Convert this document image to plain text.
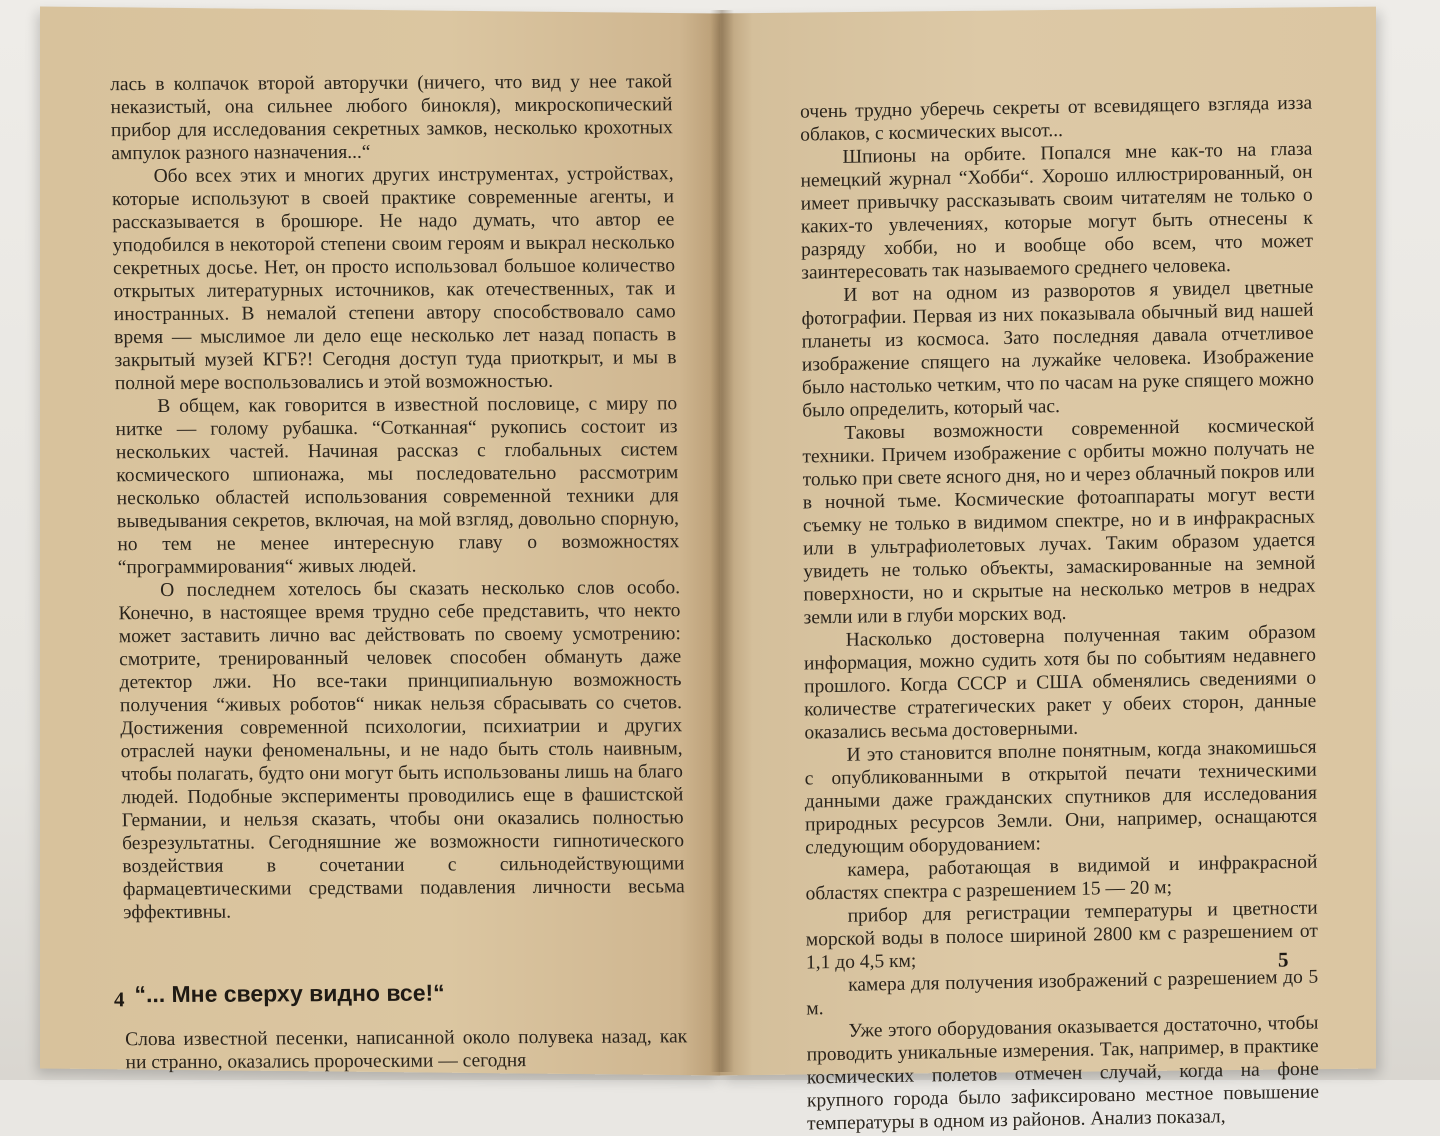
лась в колпачок второй авторучки (ничего, что вид у нее такой неказистый, она сильнее любого бинокля), микроскопический прибор для исследования секретных замков, несколько крохотных ампулок разного назначения...“

Обо всех этих и многих других инструментах, устройствах, которые используют в своей практике современные агенты, и рассказывается в брошюре. Не надо думать, что автор ее уподобился в некоторой степени своим героям и выкрал несколько секретных досье. Нет, он просто использовал большое количество открытых литературных источников, как отечественных, так и иностранных. В немалой степени автору способствовало само время — мыслимое ли дело еще несколько лет назад попасть в закрытый музей КГБ?! Сегодня доступ туда приоткрыт, и мы в полной мере воспользовались и этой возможностью.

В общем, как говорится в известной пословице, с миру по нитке — голому рубашка. “Сотканная“ рукопись состоит из нескольких частей. Начиная рассказ с глобальных систем космического шпионажа, мы последовательно рассмотрим несколько областей использования современной техники для выведывания секретов, включая, на мой взгляд, довольно спорную, но тем не менее интересную главу о возможностях “программирования“ живых людей.

О последнем хотелось бы сказать несколько слов особо. Конечно, в настоящее время трудно себе представить, что некто может заставить лично вас действовать по своему усмотрению: смотрите, тренированный человек способен обмануть даже детектор лжи. Но все-таки принципиальную возможность получения “живых роботов“ никак нельзя сбрасывать со счетов. Достижения современной психологии, психиатрии и других отраслей науки феноменальны, и не надо быть столь наивным, чтобы полагать, будто они могут быть использованы лишь на благо людей. Подобные эксперименты проводились еще в фашистской Германии, и нельзя сказать, чтобы они оказались полностью безрезультатны. Сегодняшние же возможности гипнотического воздействия в сочетании с сильнодействующими фармацевтическими средствами подавления личности весьма эффективны.

“... Мне сверху видно все!“

Слова известной песенки, написанной около полувека назад, как ни странно, оказались пророческими — сегодня

4

очень трудно уберечь секреты от всевидящего взгляда изза облаков, с космических высот...

Шпионы на орбите. Попался мне как-то на глаза немецкий журнал “Хобби“. Хорошо иллюстрированный, он имеет привычку рассказывать своим читателям не только о каких-то увлечениях, которые могут быть отнесены к разряду хобби, но и вообще обо всем, что может заинтересовать так называемого среднего человека.

И вот на одном из разворотов я увидел цветные фотографии. Первая из них показывала обычный вид нашей планеты из космоса. Зато последняя давала отчетливое изображение спящего на лужайке человека. Изображение было настолько четким, что по часам на руке спящего можно было определить, который час.

Таковы возможности современной космической техники. Причем изображение с орбиты можно получать не только при свете ясного дня, но и через облачный покров или в ночной тьме. Космические фотоаппараты могут вести съемку не только в видимом спектре, но и в инфракрасных или в ультрафиолетовых лучах. Таким образом удается увидеть не только объекты, замаскированные на земной поверхности, но и скрытые на несколько метров в недрах земли или в глуби морских вод.

Насколько достоверна полученная таким образом информация, можно судить хотя бы по событиям недавнего прошлого. Когда СССР и США обменялись сведениями о количестве стратегических ракет у обеих сторон, данные оказались весьма достоверными.

И это становится вполне понятным, когда знакомишься с опубликованными в открытой печати техническими данными даже гражданских спутников для исследования природных ресурсов Земли. Они, например, оснащаются следующим оборудованием:

камера, работающая в видимой и инфракрасной областях спектра с разрешением 15 — 20 м;

прибор для регистрации температуры и цветности морской воды в полосе шириной 2800 км с разрешением от 1,1 до 4,5 км;

камера для получения изображений с разрешением до 5 м.

Уже этого оборудования оказывается достаточно, чтобы проводить уникальные измерения. Так, например, в практике космических полетов отмечен случай, когда на фоне крупного города было зафиксировано местное повышение температуры в одном из районов. Анализ показал,

5
